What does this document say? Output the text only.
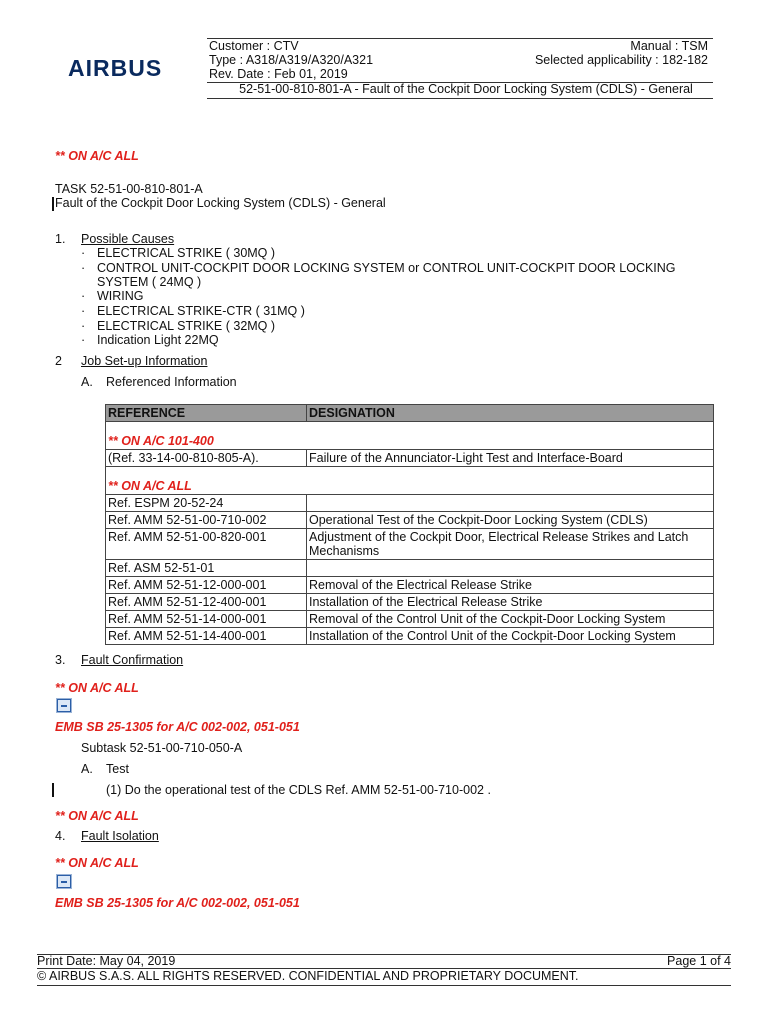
AIRBUS
Customer : CTV	Manual : TSM
Type : A318/A319/A320/A321	Selected applicability : 182-182
Rev. Date : Feb 01, 2019
52-51-00-810-801-A - Fault of the Cockpit Door Locking System (CDLS) - General
** ON A/C ALL
TASK 52-51-00-810-801-A
Fault of the Cockpit Door Locking System (CDLS) - General
1. Possible Causes
· ELECTRICAL STRIKE ( 30MQ )
· CONTROL UNIT-COCKPIT DOOR LOCKING SYSTEM or CONTROL UNIT-COCKPIT DOOR LOCKING
SYSTEM ( 24MQ )
· WIRING
· ELECTRICAL STRIKE-CTR ( 31MQ )
· ELECTRICAL STRIKE ( 32MQ )
· Indication Light 22MQ
2 Job Set-up Information
A. Referenced Information
REFERENCE	DESIGNATION
** ON A/C 101-400	
(Ref. 33-14-00-810-805-A).	Failure of the Annunciator-Light Test and Interface-Board
** ON A/C ALL	
Ref. ESPM 20-52-24	
Ref. AMM 52-51-00-710-002	Operational Test of the Cockpit-Door Locking System (CDLS)
Ref. AMM 52-51-00-820-001	Adjustment of the Cockpit Door, Electrical Release Strikes and Latch Mechanisms
Ref. ASM 52-51-01	
Ref. AMM 52-51-12-000-001	Removal of the Electrical Release Strike
Ref. AMM 52-51-12-400-001	Installation of the Electrical Release Strike
Ref. AMM 52-51-14-000-001	Removal of the Control Unit of the Cockpit-Door Locking System
Ref. AMM 52-51-14-400-001	Installation of the Control Unit of the Cockpit-Door Locking System
3. Fault Confirmation
** ON A/C ALL
EMB SB 25-1305 for A/C 002-002, 051-051
Subtask 52-51-00-710-050-A
A. Test
(1) Do the operational test of the CDLS Ref. AMM 52-51-00-710-002 .
** ON A/C ALL
4. Fault Isolation
** ON A/C ALL
EMB SB 25-1305 for A/C 002-002, 051-051
Print Date: May 04, 2019	Page 1 of 4
© AIRBUS S.A.S. ALL RIGHTS RESERVED. CONFIDENTIAL AND PROPRIETARY DOCUMENT.
